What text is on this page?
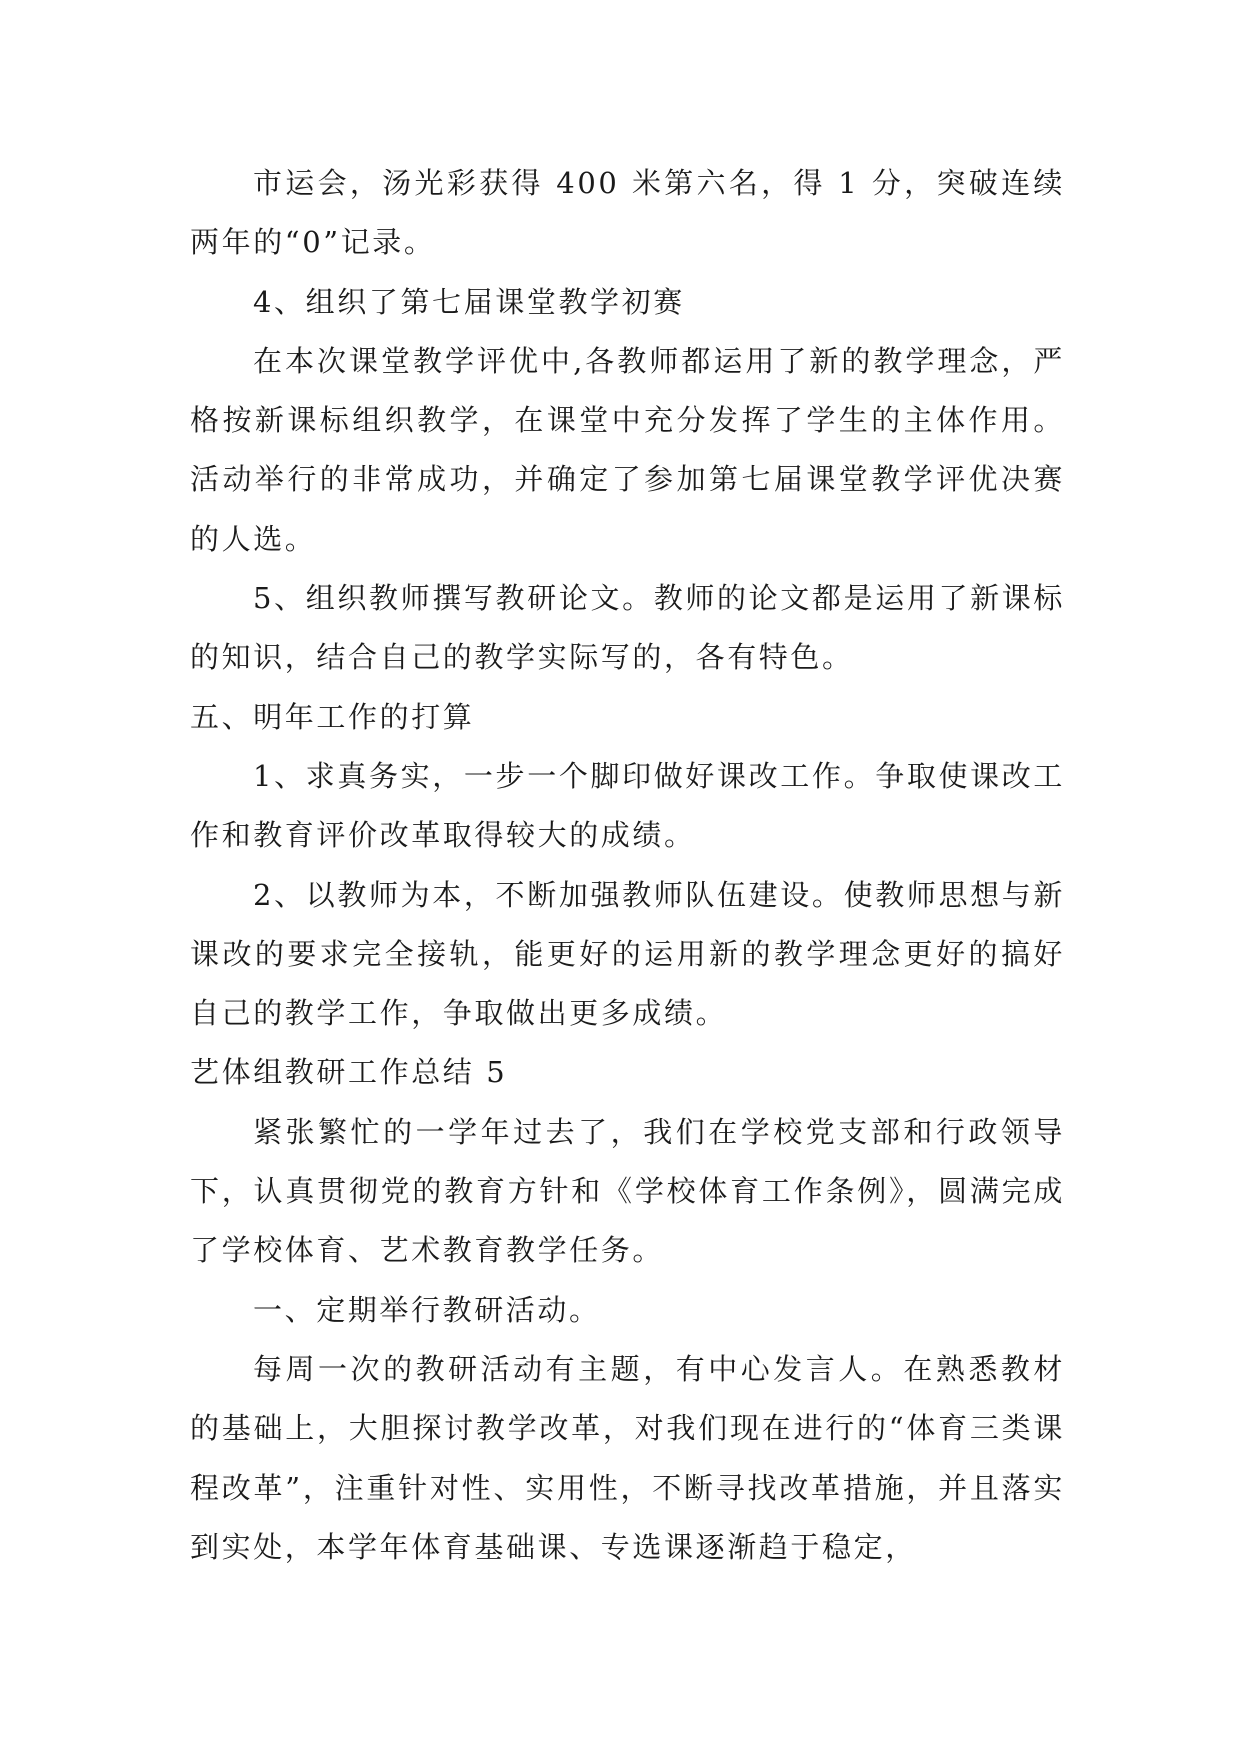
市运会，汤光彩获得 400 米第六名，得 1 分，突破连续两年的“0”记录。

4、组织了第七届课堂教学初赛

在本次课堂教学评优中,各教师都运用了新的教学理念，严格按新课标组织教学，在课堂中充分发挥了学生的主体作用。活动举行的非常成功，并确定了参加第七届课堂教学评优决赛的人选。

5、组织教师撰写教研论文。教师的论文都是运用了新课标的知识，结合自己的教学实际写的，各有特色。

五、明年工作的打算

1、求真务实，一步一个脚印做好课改工作。争取使课改工作和教育评价改革取得较大的成绩。

2、以教师为本，不断加强教师队伍建设。使教师思想与新课改的要求完全接轨，能更好的运用新的教学理念更好的搞好自己的教学工作，争取做出更多成绩。

艺体组教研工作总结 5

紧张繁忙的一学年过去了，我们在学校党支部和行政领导下，认真贯彻党的教育方针和《学校体育工作条例》，圆满完成了学校体育、艺术教育教学任务。

一、定期举行教研活动。

每周一次的教研活动有主题，有中心发言人。在熟悉教材的基础上，大胆探讨教学改革，对我们现在进行的“体育三类课程改革”，注重针对性、实用性，不断寻找改革措施，并且落实到实处，本学年体育基础课、专选课逐渐趋于稳定，
